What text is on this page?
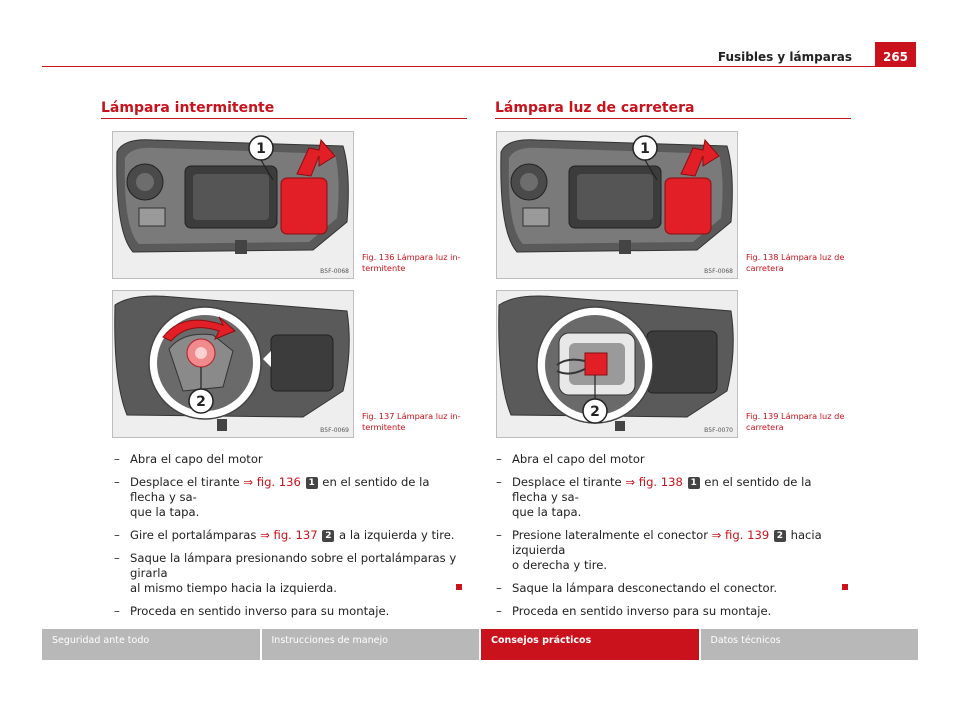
Fusibles y lámparas	265
Lámpara intermitente
1
B5F-0068
Fig. 136 Lámpara luz in-
termitente
2
B5F-0069
Fig. 137 Lámpara luz in-
termitente
– Abra el capo del motor
– Desplace el tirante ⇒ fig. 136 1 en el sentido de la flecha y sa-
que la tapa.
– Gire el portalámparas ⇒ fig. 137 2 a la izquierda y tire.
– Saque la lámpara presionando sobre el portalámparas y girarla
al mismo tiempo hacia la izquierda.
– Proceda en sentido inverso para su montaje.
Lámpara luz de carretera
1
B5F-0068
Fig. 138 Lámpara luz de
carretera
2
B5F-0070
Fig. 139 Lámpara luz de
carretera
– Abra el capo del motor
– Desplace el tirante ⇒ fig. 138 1 en el sentido de la flecha y sa-
que la tapa.
– Presione lateralmente el conector ⇒ fig. 139 2 hacia izquierda
o derecha y tire.
– Saque la lámpara desconectando el conector.
– Proceda en sentido inverso para su montaje.
Seguridad ante todo	Instrucciones de manejo	Consejos prácticos	Datos técnicos
